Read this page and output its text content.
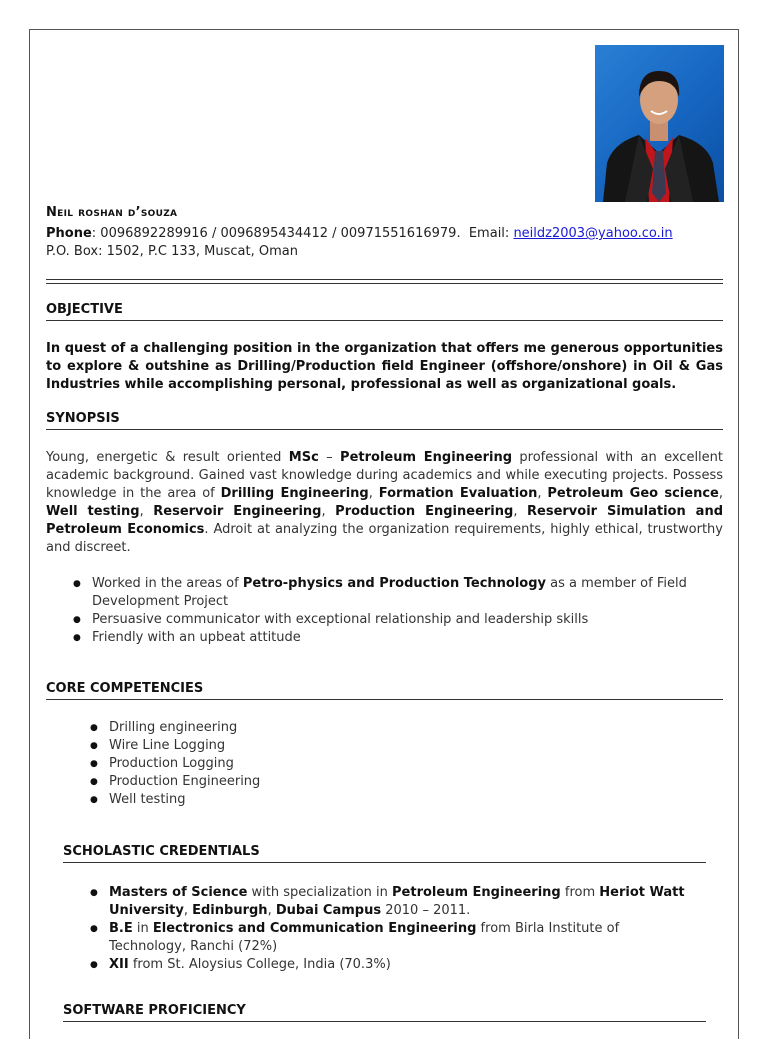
Neil roshan d’souza
Phone: 0096892289916 / 0096895434412 / 00971551616979. Email: neildz2003@yahoo.co.in
P.O. Box: 1502, P.C 133, Muscat, Oman
OBJECTIVE
In quest of a challenging position in the organization that offers me generous opportunities to explore & outshine as Drilling/Production field Engineer (offshore/onshore) in Oil & Gas Industries while accomplishing personal, professional as well as organizational goals.
SYNOPSIS
Young, energetic & result oriented MSc – Petroleum Engineering professional with an excellent academic background. Gained vast knowledge during academics and while executing projects. Possess knowledge in the area of Drilling Engineering, Formation Evaluation, Petroleum Geo science, Well testing, Reservoir Engineering, Production Engineering, Reservoir Simulation and Petroleum Economics. Adroit at analyzing the organization requirements, highly ethical, trustworthy and discreet.
● Worked in the areas of Petro-physics and Production Technology as a member of Field Development Project
● Persuasive communicator with exceptional relationship and leadership skills
● Friendly with an upbeat attitude
CORE COMPETENCIES
● Drilling engineering
● Wire Line Logging
● Production Logging
● Production Engineering
● Well testing
SCHOLASTIC CREDENTIALS
● Masters of Science with specialization in Petroleum Engineering from Heriot Watt University, Edinburgh, Dubai Campus 2010 – 2011.
● B.E in Electronics and Communication Engineering from Birla Institute of Technology, Ranchi (72%)
● XII from St. Aloysius College, India (70.3%)
SOFTWARE PROFICIENCY
